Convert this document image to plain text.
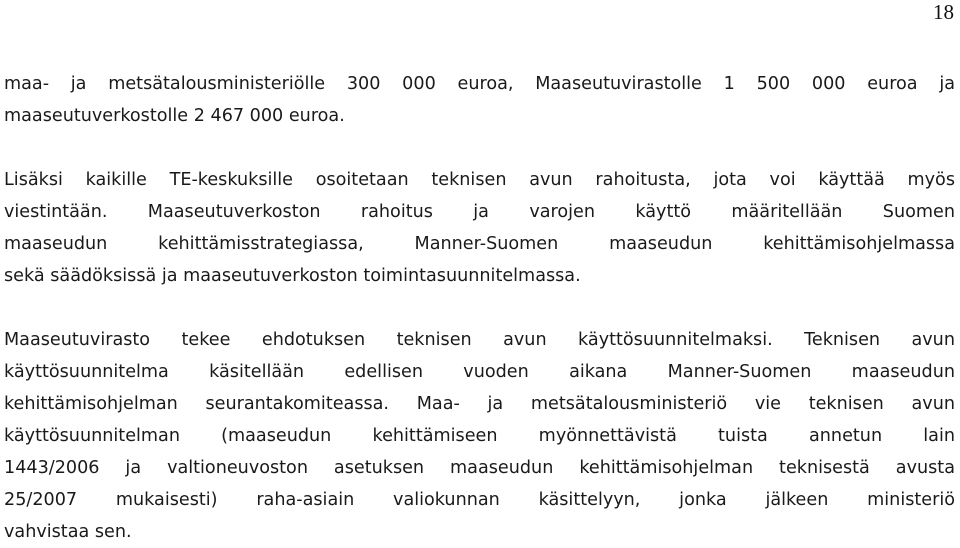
18
maa- ja metsätalousministeriölle 300 000 euroa, Maaseutuvirastolle 1 500 000 euroa ja
maaseutuverkostolle 2 467 000 euroa.
Lisäksi kaikille TE-keskuksille osoitetaan teknisen avun rahoitusta, jota voi käyttää myös
viestintään. Maaseutuverkoston rahoitus ja varojen käyttö määritellään Suomen
maaseudun kehittämisstrategiassa, Manner-Suomen maaseudun kehittämisohjelmassa
sekä säädöksissä ja maaseutuverkoston toimintasuunnitelmassa.
Maaseutuvirasto tekee ehdotuksen teknisen avun käyttösuunnitelmaksi. Teknisen avun
käyttösuunnitelma käsitellään edellisen vuoden aikana Manner-Suomen maaseudun
kehittämisohjelman seurantakomiteassa. Maa- ja metsätalousministeriö vie teknisen avun
käyttösuunnitelman (maaseudun kehittämiseen myönnettävistä tuista annetun lain
1443/2006 ja valtioneuvoston asetuksen maaseudun kehittämisohjelman teknisestä avusta
25/2007 mukaisesti) raha-asiain valiokunnan käsittelyyn, jonka jälkeen ministeriö
vahvistaa sen.
